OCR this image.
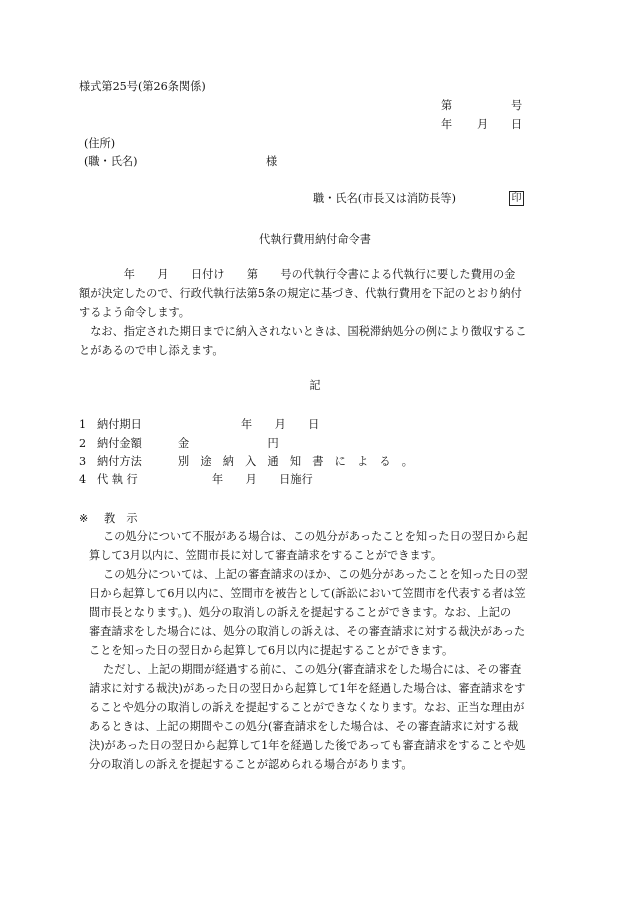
様式第25号(第26条関係)
第	号
年 月 日
(住所)
(職・氏名)	様
職・氏名(市長又は消防長等)	印
代執行費用納付命令書
　　　　年　　月　　日付け　　第　　号の代執行令書による代執行に要した費用の金
額が決定したので、行政代執行法第5条の規定に基づき、代執行費用を下記のとおり納付
するよう命令します。
　なお、指定された期日までに納入されないときは、国税滞納処分の例により徴収するこ
とがあるので申し添えます。
記
1 納付期日	年　　月　　日
2 納付金額	金　　　　　　　円
3 納付方法	別　途　納　入　通　知　書　に　よ　る　。
4 代 執 行	年　　月　　日施行
※ 教　示
この処分について不服がある場合は、この処分があったことを知った日の翌日から起
算して3月以内に、笠間市長に対して審査請求をすることができます。
この処分については、上記の審査請求のほか、この処分があったことを知った日の翌
日から起算して6月以内に、笠間市を被告として(訴訟において笠間市を代表する者は笠
間市長となります。)、処分の取消しの訴えを提起することができます。なお、上記の
審査請求をした場合には、処分の取消しの訴えは、その審査請求に対する裁決があった
ことを知った日の翌日から起算して6月以内に提起することができます。
ただし、上記の期間が経過する前に、この処分(審査請求をした場合には、その審査
請求に対する裁決)があった日の翌日から起算して1年を経過した場合は、審査請求をす
ることや処分の取消しの訴えを提起することができなくなります。なお、正当な理由が
あるときは、上記の期間やこの処分(審査請求をした場合は、その審査請求に対する裁
決)があった日の翌日から起算して1年を経過した後であっても審査請求をすることや処
分の取消しの訴えを提起することが認められる場合があります。
